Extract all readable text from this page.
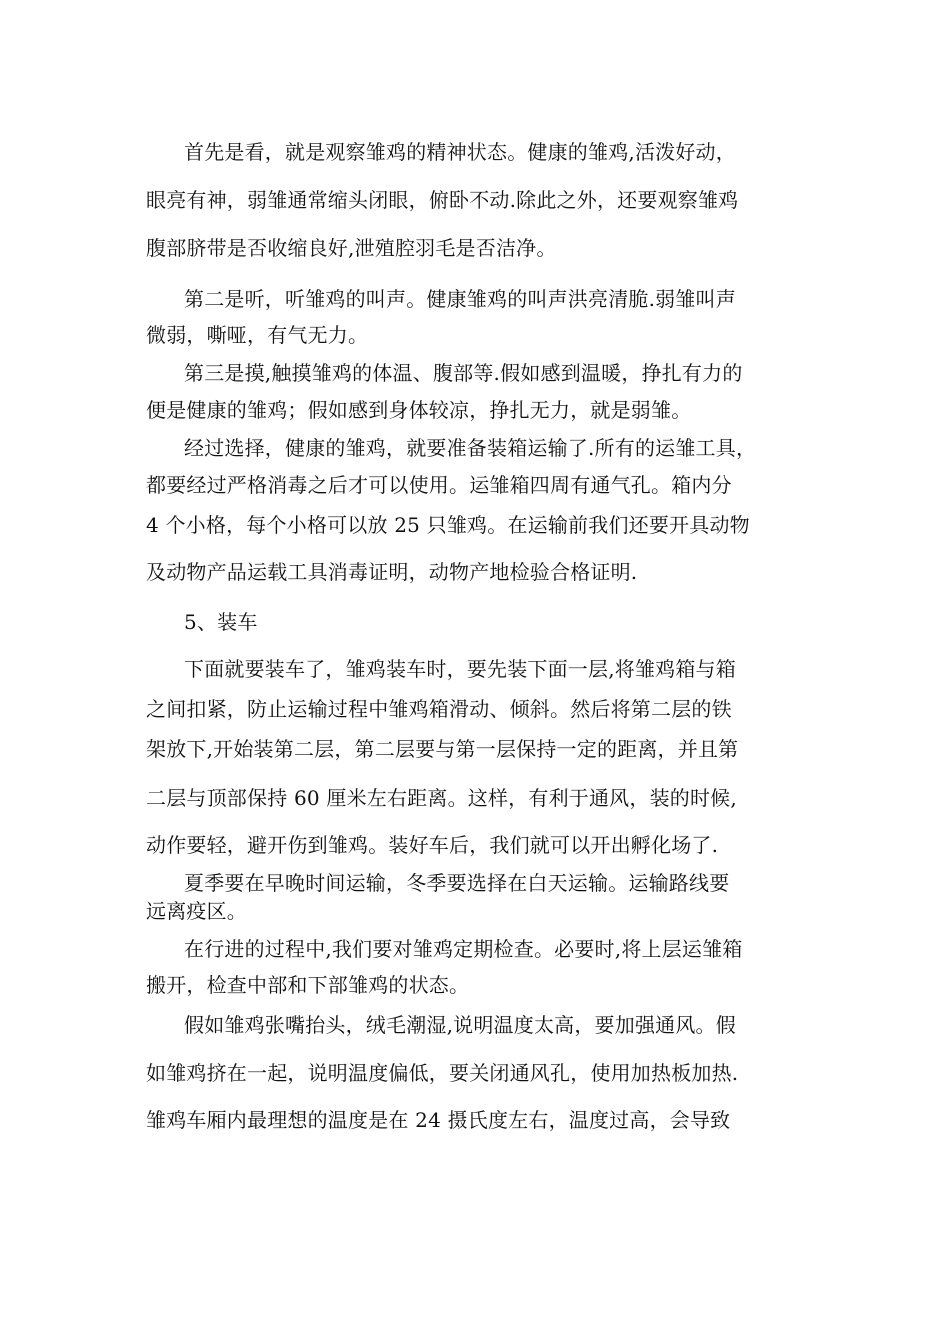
首先是看，就是观察雏鸡的精神状态。健康的雏鸡,活泼好动，
眼亮有神，弱雏通常缩头闭眼，俯卧不动.除此之外，还要观察雏鸡
腹部脐带是否收缩良好,泄殖腔羽毛是否洁净。
第二是听，听雏鸡的叫声。健康雏鸡的叫声洪亮清脆.弱雏叫声
微弱，嘶哑，有气无力。
第三是摸,触摸雏鸡的体温、腹部等.假如感到温暖，挣扎有力的
便是健康的雏鸡；假如感到身体较凉，挣扎无力，就是弱雏。
经过选择，健康的雏鸡，就要准备装箱运输了.所有的运雏工具，
都要经过严格消毒之后才可以使用。运雏箱四周有通气孔。箱内分
4 个小格，每个小格可以放 25 只雏鸡。在运输前我们还要开具动物
及动物产品运载工具消毒证明，动物产地检验合格证明.
5、装车
下面就要装车了，雏鸡装车时，要先装下面一层,将雏鸡箱与箱
之间扣紧，防止运输过程中雏鸡箱滑动、倾斜。然后将第二层的铁
架放下,开始装第二层，第二层要与第一层保持一定的距离，并且第
二层与顶部保持 60 厘米左右距离。这样，有利于通风，装的时候,
动作要轻，避开伤到雏鸡。装好车后，我们就可以开出孵化场了.
夏季要在早晚时间运输，冬季要选择在白天运输。运输路线要
远离疫区。
在行进的过程中,我们要对雏鸡定期检查。必要时,将上层运雏箱
搬开，检查中部和下部雏鸡的状态。
假如雏鸡张嘴抬头，绒毛潮湿,说明温度太高，要加强通风。假
如雏鸡挤在一起，说明温度偏低，要关闭通风孔，使用加热板加热.
雏鸡车厢内最理想的温度是在 24 摄氏度左右，温度过高，会导致
